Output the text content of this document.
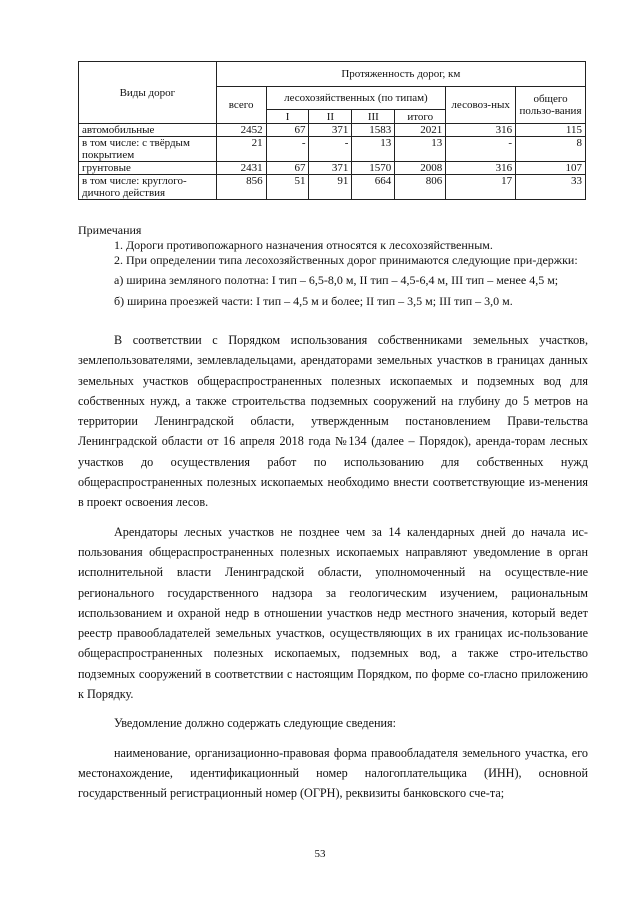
Виды дорог	Протяженность дорог, км						
	всего	лесохозяйственных (по типам)				лесовоз-ных	общего пользо-вания
		I	II	III	итого		
автомобильные	2452	67	371	1583	2021	316	115
в том числе: с твёрдым покрытием	21	-	-	13	13	-	8
грунтовые	2431	67	371	1570	2008	316	107
в том числе: круглого-дичного действия	856	51	91	664	806	17	33

Примечания

1. Дороги противопожарного назначения относятся к лесохозяйственным.

2. При определении типа лесохозяйственных дорог принимаются следующие при-держки:

а) ширина земляного полотна: I тип – 6,5-8,0 м, II тип – 4,5-6,4 м, III тип – менее 4,5 м;

б) ширина проезжей части: I тип – 4,5 м и более; II тип – 3,5 м; III тип – 3,0 м.

В соответствии с Порядком использования собственниками земельных участков, землепользователями, землевладельцами, арендаторами земельных участков в границах данных земельных участков общераспространенных полезных ископаемых и подземных вод для собственных нужд, а также строительства подземных сооружений на глубину до 5 метров на территории Ленинградской области, утвержденным постановлением Прави-тельства Ленинградской области от 16 апреля 2018 года №134 (далее – Порядок), аренда-торам лесных участков до осуществления работ по использованию для собственных нужд общераспространенных полезных ископаемых необходимо внести соответствующие из-менения в проект освоения лесов.

Арендаторы лесных участков не позднее чем за 14 календарных дней до начала ис-пользования общераспространенных полезных ископаемых направляют уведомление в орган исполнительной власти Ленинградской области, уполномоченный на осуществле-ние регионального государственного надзора за геологическим изучением, рациональным использованием и охраной недр в отношении участков недр местного значения, который ведет реестр правообладателей земельных участков, осуществляющих в их границах ис-пользование общераспространенных полезных ископаемых, подземных вод, а также стро-ительство подземных сооружений в соответствии с настоящим Порядком, по форме со-гласно приложению к Порядку.

Уведомление должно содержать следующие сведения:

наименование, организационно-правовая форма правообладателя земельного участка, его местонахождение, идентификационный номер налогоплательщика (ИНН), основной государственный регистрационный номер (ОГРН), реквизиты банковского сче-та;

53
